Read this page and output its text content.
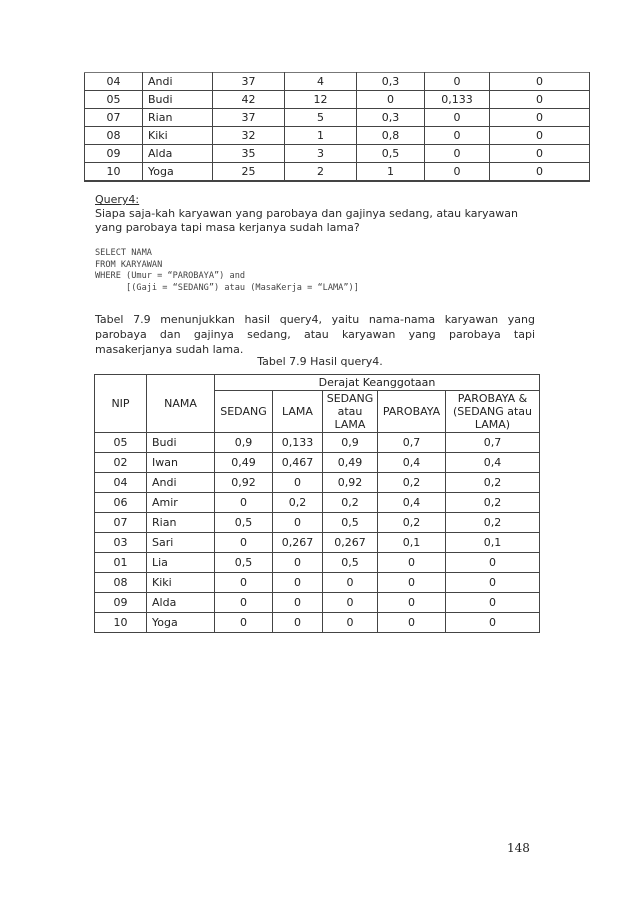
04	Andi	37	4	0,3	0	0
05	Budi	42	12	0	0,133	0
07	Rian	37	5	0,3	0	0
08	Kiki	32	1	0,8	0	0
09	Alda	35	3	0,5	0	0
10	Yoga	25	2	1	0	0
Query4:
Siapa saja-kah karyawan yang parobaya dan gajinya sedang, atau karyawan yang parobaya tapi masa kerjanya sudah lama?
SELECT NAMA
FROM KARYAWAN
WHERE (Umur = “PAROBAYA”) and
[(Gaji = “SEDANG”) atau (MasaKerja = “LAMA”)]
Tabel 7.9 menunjukkan hasil query4, yaitu nama-nama karyawan yang parobaya dan gajinya sedang, atau karyawan yang parobaya tapi masakerjanya sudah lama.
Tabel 7.9 Hasil query4.
NIP	NAMA	Derajat Keanggotaan				
		SEDANG	LAMA	SEDANG atau LAMA	PAROBAYA	PAROBAYA & (SEDANG atau LAMA)
05	Budi	0,9	0,133	0,9	0,7	0,7
02	Iwan	0,49	0,467	0,49	0,4	0,4
04	Andi	0,92	0	0,92	0,2	0,2
06	Amir	0	0,2	0,2	0,4	0,2
07	Rian	0,5	0	0,5	0,2	0,2
03	Sari	0	0,267	0,267	0,1	0,1
01	Lia	0,5	0	0,5	0	0
08	Kiki	0	0	0	0	0
09	Alda	0	0	0	0	0
10	Yoga	0	0	0	0	0
148
